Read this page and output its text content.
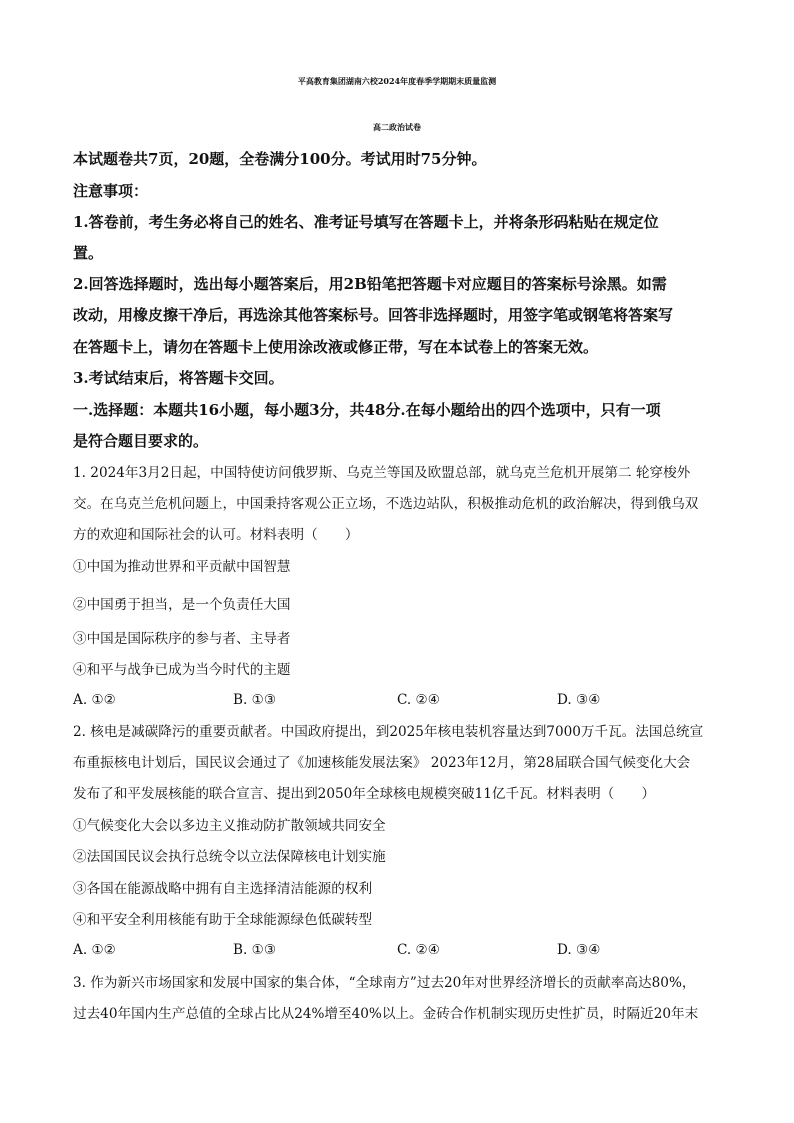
平高教育集团湖南六校2024年度春季学期期末质量监测
高二政治试卷
本试题卷共7页，20题，全卷满分100分。考试用时75分钟。
注意事项：
1.答卷前，考生务必将自己的姓名、准考证号填写在答题卡上，并将条形码粘贴在规定位
置。
2.回答选择题时，选出每小题答案后，用2B铅笔把答题卡对应题目的答案标号涂黑。如需
改动，用橡皮擦干净后，再选涂其他答案标号。回答非选择题时，用签字笔或钢笔将答案写
在答题卡上，请勿在答题卡上使用涂改液或修正带，写在本试卷上的答案无效。
3.考试结束后，将答题卡交回。
一.选择题：本题共16小题，每小题3分，共48分.在每小题给出的四个选项中，只有一项
是符合题目要求的。
1. 2024年3月2日起，中国特使访问俄罗斯、乌克兰等国及欧盟总部，就乌克兰危机开展第二 轮穿梭外
交。在乌克兰危机问题上，中国秉持客观公正立场，不选边站队，积极推动危机的政治解决，得到俄乌双
方的欢迎和国际社会的认可。材料表明（　　）
①中国为推动世界和平贡献中国智慧
②中国勇于担当，是一个负责任大国
③中国是国际秩序的参与者、主导者
④和平与战争已成为当今时代的主题
A. ①②	B. ①③	C. ②④	D. ③④
2. 核电是减碳降污的重要贡献者。中国政府提出，到2025年核电装机容量达到7000万千瓦。法国总统宣
布重振核电计划后，国民议会通过了《加速核能发展法案》 2023年12月，第28届联合国气候变化大会
发布了和平发展核能的联合宣言、提出到2050年全球核电规模突破11亿千瓦。材料表明（　　）
①气候变化大会以多边主义推动防扩散领域共同安全
②法国国民议会执行总统令以立法保障核电计划实施
③各国在能源战略中拥有自主选择清洁能源的权利
④和平安全利用核能有助于全球能源绿色低碳转型
A. ①②	B. ①③	C. ②④	D. ③④
3. 作为新兴市场国家和发展中国家的集合体，“全球南方”过去20年对世界经济增长的贡献率高达80%，
过去40年国内生产总值的全球占比从24%增至40%以上。金砖合作机制实现历史性扩员，时隔近20年末
